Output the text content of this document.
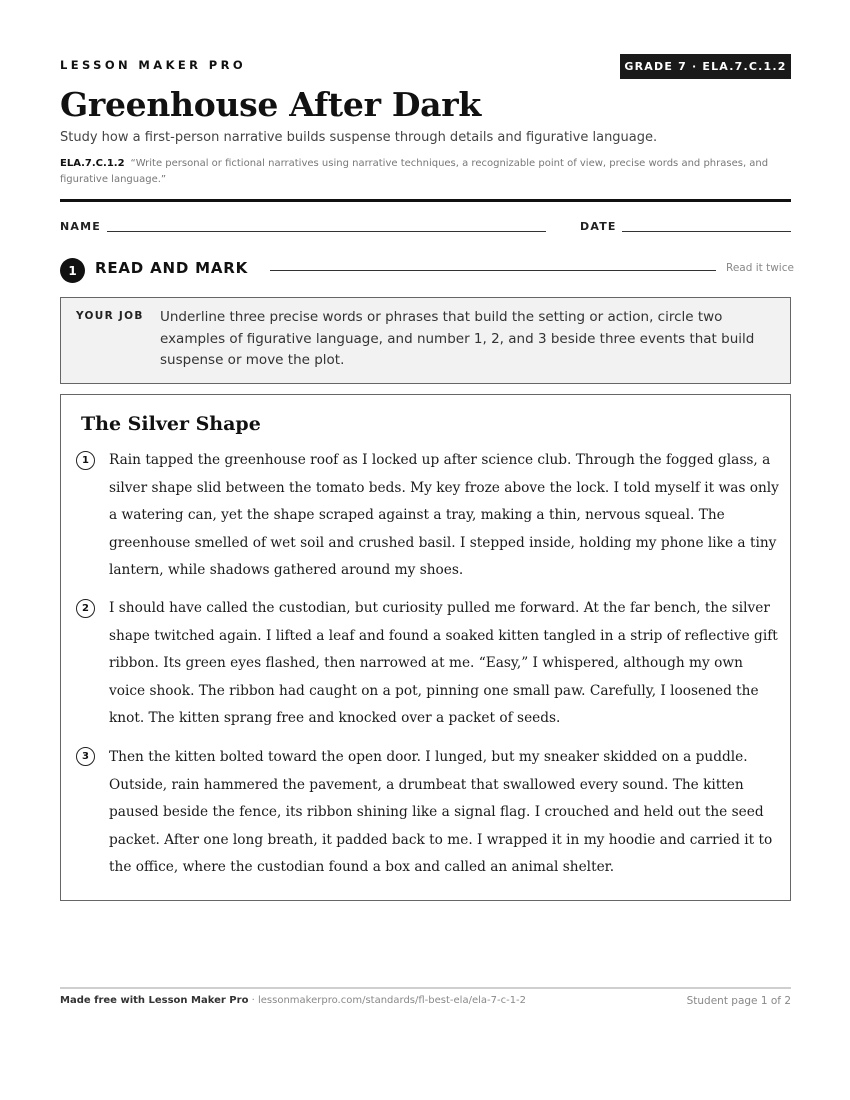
LESSON MAKER PRO	GRADE 7 · ELA.7.C.1.2
Greenhouse After Dark
Study how a first-person narrative builds suspense through details and figurative language.
ELA.7.C.1.2 “Write personal or fictional narratives using narrative techniques, a recognizable point of view, precise words and phrases, and figurative language.”
NAME	DATE
1	READ AND MARK	Read it twice
YOUR JOB Underline three precise words or phrases that build the setting or action, circle two examples of figurative language, and number 1, 2, and 3 beside three events that build suspense or move the plot.
The Silver Shape
1	Rain tapped the greenhouse roof as I locked up after science club. Through the fogged glass, a silver shape slid between the tomato beds. My key froze above the lock. I told myself it was only a watering can, yet the shape scraped against a tray, making a thin, nervous squeal. The greenhouse smelled of wet soil and crushed basil. I stepped inside, holding my phone like a tiny lantern, while shadows gathered around my shoes.

2	I should have called the custodian, but curiosity pulled me forward. At the far bench, the silver shape twitched again. I lifted a leaf and found a soaked kitten tangled in a strip of reflective gift ribbon. Its green eyes flashed, then narrowed at me. “Easy,” I whispered, although my own voice shook. The ribbon had caught on a pot, pinning one small paw. Carefully, I loosened the knot. The kitten sprang free and knocked over a packet of seeds.

3	Then the kitten bolted toward the open door. I lunged, but my sneaker skidded on a puddle. Outside, rain hammered the pavement, a drumbeat that swallowed every sound. The kitten paused beside the fence, its ribbon shining like a signal flag. I crouched and held out the seed packet. After one long breath, it padded back to me. I wrapped it in my hoodie and carried it to the office, where the custodian found a box and called an animal shelter.

Made free with Lesson Maker Pro · lessonmakerpro.com/standards/fl-best-ela/ela-7-c-1-2	Student page 1 of 2
